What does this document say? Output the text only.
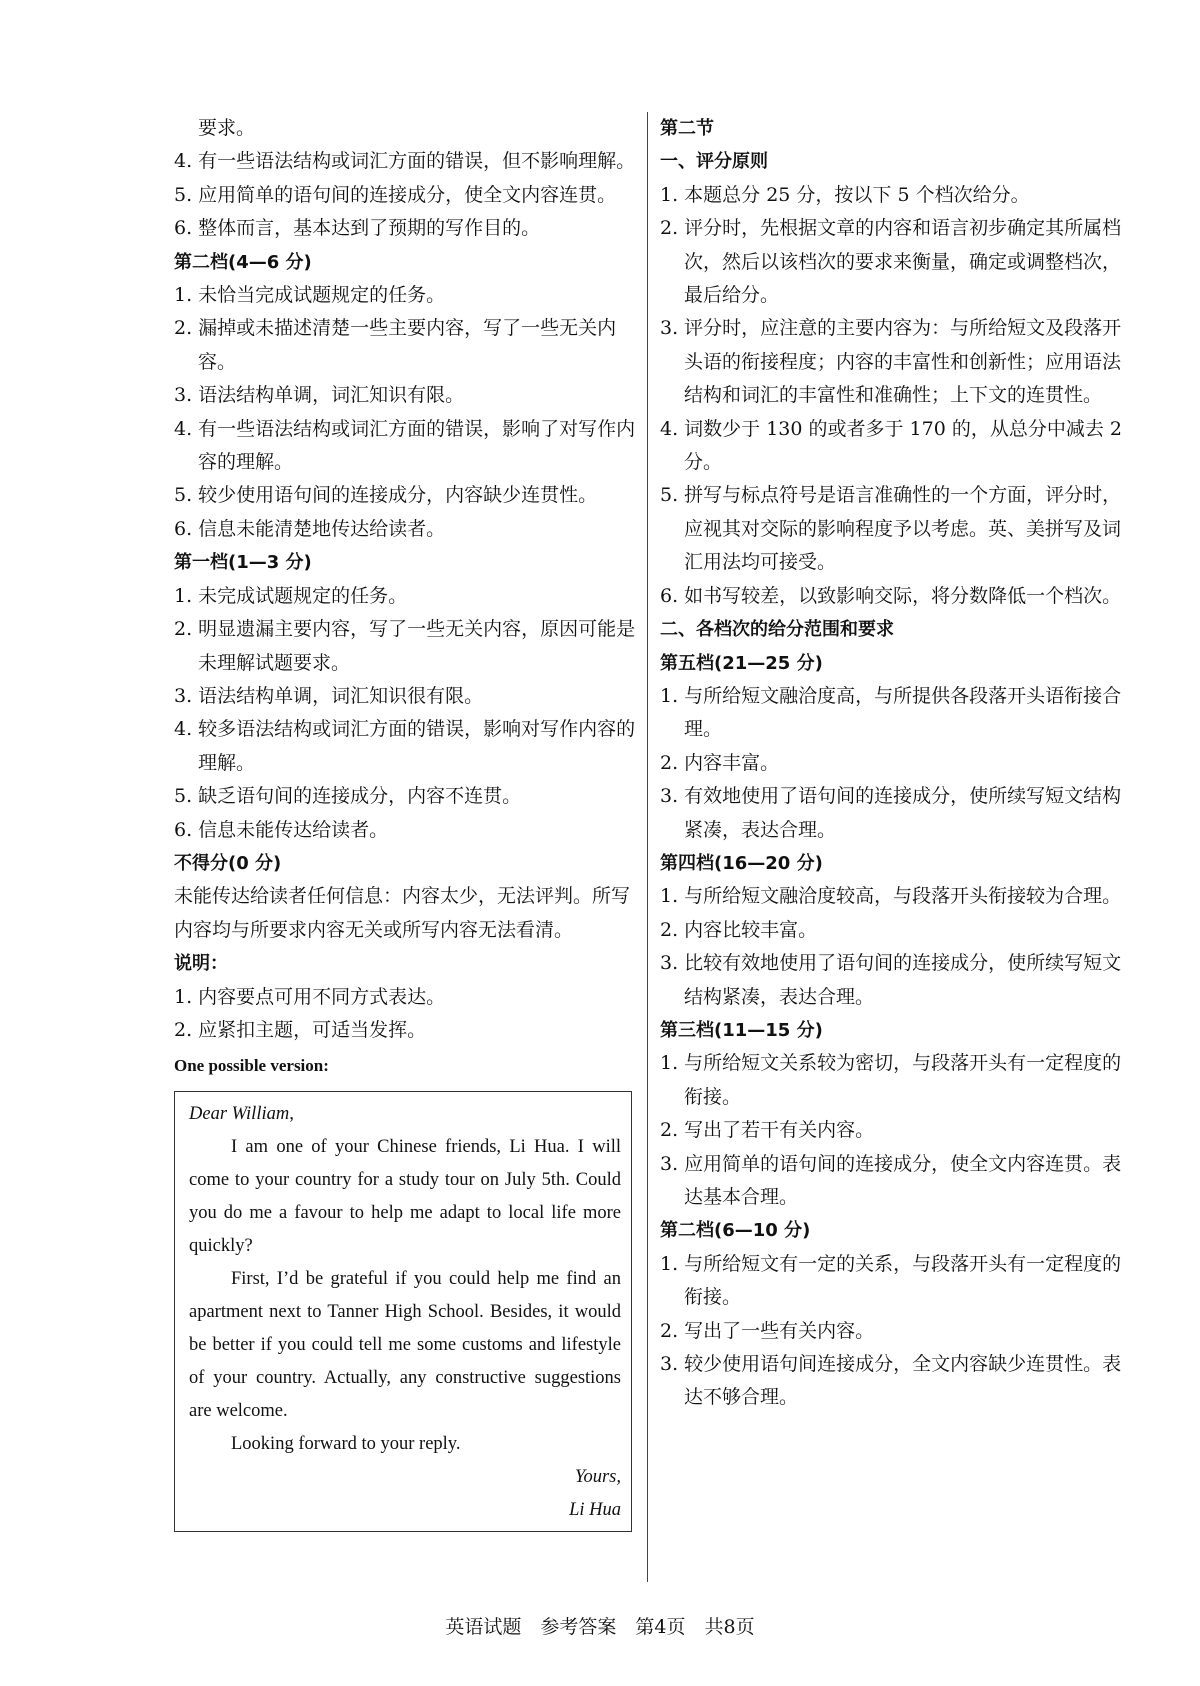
要求。

4. 有一些语法结构或词汇方面的错误，但不影响理解。

5. 应用简单的语句间的连接成分，使全文内容连贯。

6. 整体而言，基本达到了预期的写作目的。

第二档(4—6 分)

1. 未恰当完成试题规定的任务。

2. 漏掉或未描述清楚一些主要内容，写了一些无关内容。

3. 语法结构单调，词汇知识有限。

4. 有一些语法结构或词汇方面的错误，影响了对写作内容的理解。

5. 较少使用语句间的连接成分，内容缺少连贯性。

6. 信息未能清楚地传达给读者。

第一档(1—3 分)

1. 未完成试题规定的任务。

2. 明显遗漏主要内容，写了一些无关内容，原因可能是未理解试题要求。

3. 语法结构单调，词汇知识很有限。

4. 较多语法结构或词汇方面的错误，影响对写作内容的理解。

5. 缺乏语句间的连接成分，内容不连贯。

6. 信息未能传达给读者。

不得分(0 分)

未能传达给读者任何信息：内容太少，无法评判。所写内容均与所要求内容无关或所写内容无法看清。

说明：

1. 内容要点可用不同方式表达。

2. 应紧扣主题，可适当发挥。

One possible version:

Dear William,

I am one of your Chinese friends, Li Hua. I will come to your country for a study tour on July 5th. Could you do me a favour to help me adapt to local life more quickly?

First, I’d be grateful if you could help me find an apartment next to Tanner High School. Besides, it would be better if you could tell me some customs and lifestyle of your country. Actually, any constructive suggestions are welcome.

Looking forward to your reply.

Yours,

Li Hua

第二节

一、评分原则

1. 本题总分 25 分，按以下 5 个档次给分。

2. 评分时，先根据文章的内容和语言初步确定其所属档次，然后以该档次的要求来衡量，确定或调整档次，最后给分。

3. 评分时，应注意的主要内容为：与所给短文及段落开头语的衔接程度；内容的丰富性和创新性；应用语法结构和词汇的丰富性和准确性；上下文的连贯性。

4. 词数少于 130 的或者多于 170 的，从总分中减去 2 分。

5. 拼写与标点符号是语言准确性的一个方面，评分时，应视其对交际的影响程度予以考虑。英、美拼写及词汇用法均可接受。

6. 如书写较差，以致影响交际，将分数降低一个档次。

二、各档次的给分范围和要求

第五档(21—25 分)

1. 与所给短文融洽度高，与所提供各段落开头语衔接合理。

2. 内容丰富。

3. 有效地使用了语句间的连接成分，使所续写短文结构紧凑，表达合理。

第四档(16—20 分)

1. 与所给短文融洽度较高，与段落开头衔接较为合理。

2. 内容比较丰富。

3. 比较有效地使用了语句间的连接成分，使所续写短文结构紧凑，表达合理。

第三档(11—15 分)

1. 与所给短文关系较为密切，与段落开头有一定程度的衔接。

2. 写出了若干有关内容。

3. 应用简单的语句间的连接成分，使全文内容连贯。表达基本合理。

第二档(6—10 分)

1. 与所给短文有一定的关系，与段落开头有一定程度的衔接。

2. 写出了一些有关内容。

3. 较少使用语句间连接成分，全文内容缺少连贯性。表达不够合理。

英语试题　参考答案　第4页　共8页
